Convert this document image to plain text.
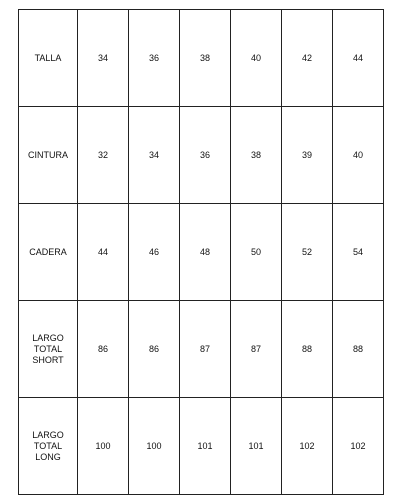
TALLA	34	36	38	40	42	44
CINTURA	32	34	36	38	39	40
CADERA	44	46	48	50	52	54
LARGO
TOTAL
SHORT	86	86	87	87	88	88
LARGO
TOTAL
LONG	100	100	101	101	102	102
